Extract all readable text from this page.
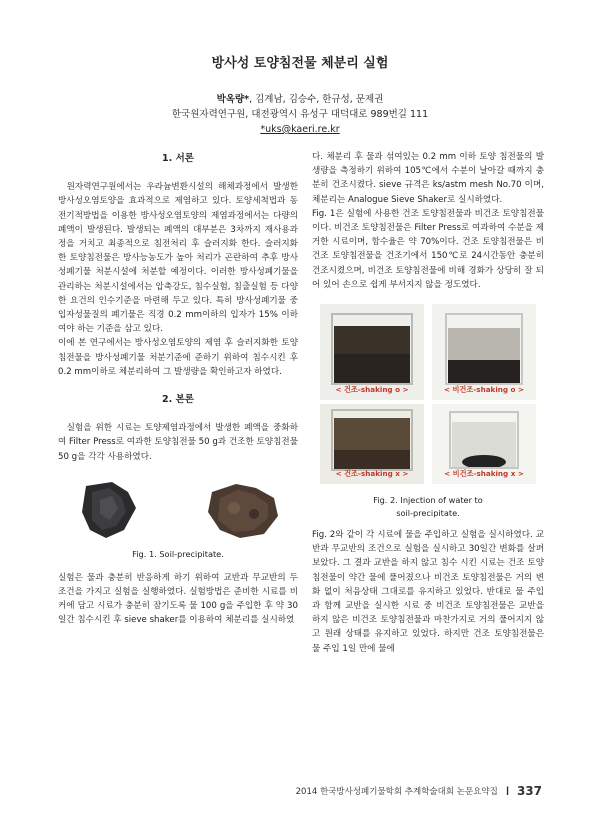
방사성 토양침전물 체분리 실험
박옥량*, 김계남, 김승수, 한규성, 문제권
한국원자력연구원, 대전광역시 유성구 대덕대로 989번길 111
*uks@kaeri.re.kr
1. 서론

원자력연구원에서는 우라늄변환시설의 해체과정에서 발생한 방사성오염토양을 효과적으로 제염하고 있다. 토양세척법과 동전기적방법을 이용한 방사성오염토양의 제염과정에서는 다량의 폐액이 발생된다. 발생되는 폐액의 대부분은 3차까지 재사용과정을 거치고 최종적으로 침전처리 후 슬러지화 한다. 슬러지화 한 토양침전물은 방사능농도가 높아 처리가 곤란하여 추후 방사성폐기물 처분시설에 처분할 예정이다. 이러한 방사성폐기물을 관리하는 처분시설에서는 압축강도, 침수실험, 침출실험 등 다양한 요건의 인수기준을 마련해 두고 있다. 특히 방사성폐기물 중 입자성물질의 폐기물은 직경 0.2 mm이하의 입자가 15% 이하여야 하는 기준을 삼고 있다.

이에 본 연구에서는 방사성오염토양의 제염 후 슬러지화한 토양침전물을 방사성폐기물 처분기준에 준하기 위하여 침수시킨 후 0.2 mm이하로 체분리하여 그 발생량을 확인하고자 하였다.

2. 본론

실험을 위한 시료는 토양제염과정에서 발생한 폐액을 중화하여 Filter Press로 여과한 토양침전물 50 g과 건조한 토양침전물 50 g을 각각 사용하였다.

Fig. 1. Soil-precipitate.

실험은 물과 충분히 반응하게 하기 위하여 교반과 무교반의 두 조건을 가지고 실험을 실행하였다. 실험방법은 준비한 시료를 비커에 담고 시료가 충분히 잠기도록 물 100 g을 주입한 후 약 30일간 침수시킨 후 sieve shaker를 이용하여 체분리를 실시하였

다. 체분리 후 물과 섞여있는 0.2 mm 이하 토양 침전물의 발생량을 측정하기 위하여 105℃에서 수분이 날아갈 때까지 충분히 건조시켰다. sieve 규격은 ks/astm mesh No.70 이며, 체분리는 Analogue Sieve Shaker로 실시하였다.

Fig. 1은 실험에 사용한 건조 토양침전물과 비건조 토양침전물이다. 비건조 토양침전물은 Filter Press로 여과하여 수분을 제거한 시료이며, 함수율은 약 70%이다. 건조 토양침전물은 비건조 토양침전물을 건조기에서 150℃로 24시간동안 충분히 건조시켰으며, 비건조 토양침전물에 비해 경화가 상당히 잘 되어 있어 손으로 쉽게 부서지지 않을 정도였다.

< 건조-shaking o >	< 비건조-shaking o >
< 건조-shaking x >	< 비건조-shaking x >
Fig. 2. Injection of water to
soil-precipitate.

Fig. 2와 같이 각 시료에 물을 주입하고 실험을 실시하였다. 교반과 무교반의 조건으로 실험을 실시하고 30일간 변화를 살펴보았다. 그 결과 교반을 하지 않고 침수 시킨 시료는 건조 토양침전물이 약간 물에 풀어졌으나 비건조 토양침전물은 거의 변화 없이 처음상태 그대로를 유지하고 있었다. 반대로 물 주입과 함께 교반을 실시한 시료 중 비건조 토양침전물은 교반을 하지 않은 비건조 토양침전물과 마찬가지로 거의 풀어지지 않고 원래 상태를 유지하고 있었다. 하지만 건조 토양침전물은 물 주입 1일 만에 물에

2014 한국방사성폐기물학회 추계학술대회 논문요약집 ❙ 337
